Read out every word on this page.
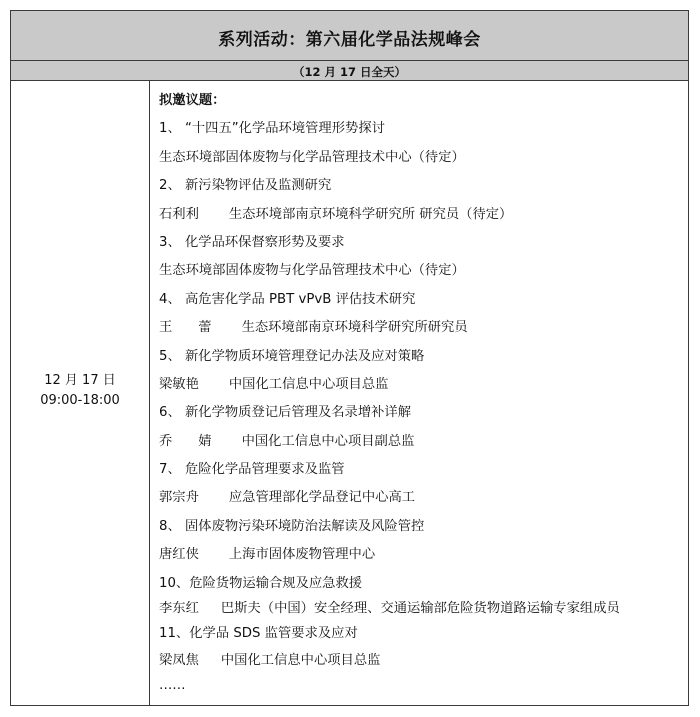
系列活动：第六届化学品法规峰会
（12 月 17 日全天）
12 月 17 日
09:00-18:00
拟邀议题：
1、 “十四五”化学品环境管理形势探讨
生态环境部固体废物与化学品管理技术中心（待定）
2、 新污染物评估及监测研究
石利利 生态环境部南京环境科学研究所 研究员（待定）
3、 化学品环保督察形势及要求
生态环境部固体废物与化学品管理技术中心（待定）
4、 高危害化学品 PBT vPvB 评估技术研究
王 蕾 生态环境部南京环境科学研究所研究员
5、 新化学物质环境管理登记办法及应对策略
梁敏艳 中国化工信息中心项目总监
6、 新化学物质登记后管理及名录增补详解
乔 婧 中国化工信息中心项目副总监
7、 危险化学品管理要求及监管
郭宗舟 应急管理部化学品登记中心高工
8、 固体废物污染环境防治法解读及风险管控
唐红侠 上海市固体废物管理中心
10、危险货物运输合规及应急救援
李东红 巴斯夫（中国）安全经理、交通运输部危险货物道路运输专家组成员
11、化学品 SDS 监管要求及应对
梁凤焦 中国化工信息中心项目总监
……
